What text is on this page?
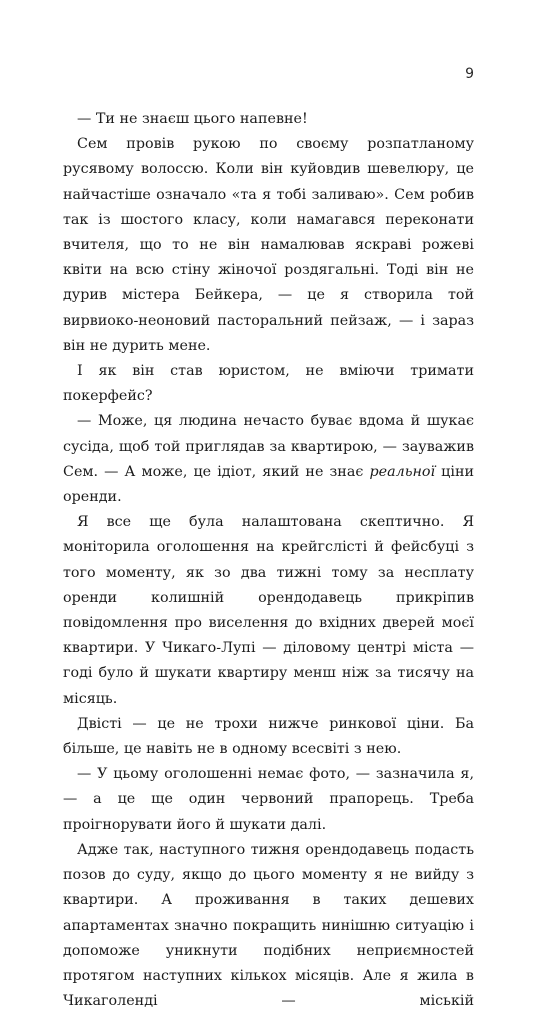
9

— Ти не знаєш цього напевне!

Сем провів рукою по своєму розпатланому русявому волоссю. Коли він куйовдив шевелюру, це найчастіше означало «та я тобі заливаю». Сем робив так із шостого класу, коли намагався переконати вчителя, що то не він намалював яскраві рожеві квіти на всю стіну жіночої роздягальні. Тоді він не дурив містера Бейкера, — це я створила той вирвиоко-неоновий пасторальний пейзаж, — і зараз він не дурить мене.

І як він став юристом, не вміючи тримати покерфейс?

— Може, ця людина нечасто буває вдома й шукає сусіда, щоб той приглядав за квартирою, — зауважив Сем. — А може, це ідіот, який не знає реальної ціни оренди.

Я все ще була налаштована скептично. Я моніторила оголошення на крейгслісті й фейсбуці з того моменту, як зо два тижні тому за несплату оренди колишній орендодавець прикріпив повідомлення про виселення до вхідних дверей моєї квартири. У Чикаго-Лупі — діловому центрі міста — годі було й шукати квартиру менш ніж за тисячу на місяць.

Двісті — це не трохи нижче ринкової ціни. Ба більше, це навіть не в одному всесвіті з нею.

— У цьому оголошенні немає фото, — зазначила я, — а це ще один червоний прапорець. Треба проігнорувати його й шукати далі.

Адже так, наступного тижня орендодавець подасть позов до суду, якщо до цього моменту я не вийду з квартири. А проживання в таких дешевих апартаментах значно покращить нинішню ситуацію і допоможе уникнути подібних неприємностей протягом наступних кількох місяців. Але я жила в Чикаголенді — міській
